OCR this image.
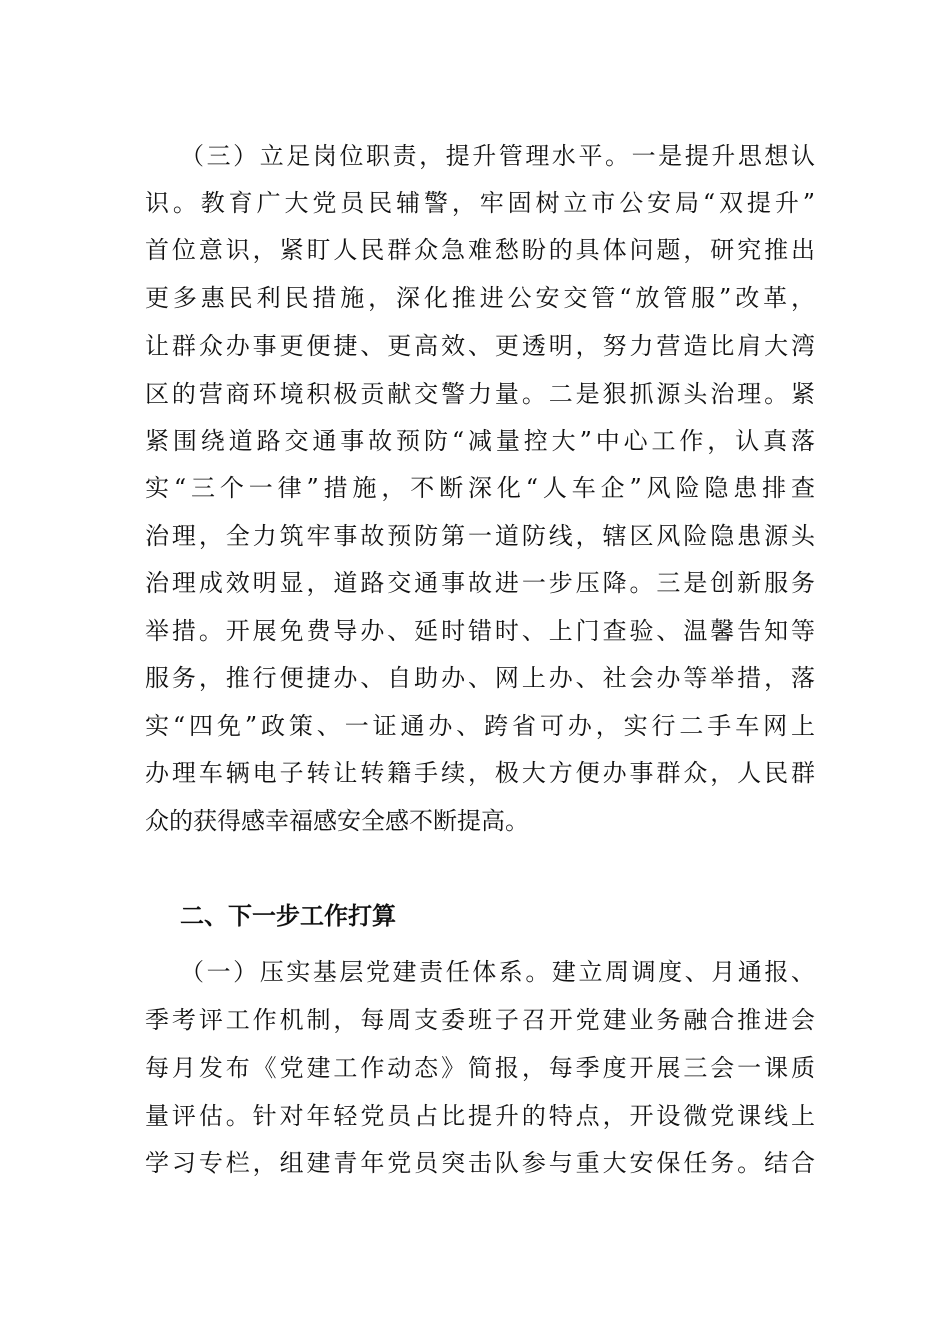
（三）立足岗位职责，提升管理水平。一是提升思想认
识。教育广大党员民辅警，牢固树立市公安局“双提升”
首位意识，紧盯人民群众急难愁盼的具体问题，研究推出
更多惠民利民措施，深化推进公安交管“放管服”改革，
让群众办事更便捷、更高效、更透明，努力营造比肩大湾
区的营商环境积极贡献交警力量。二是狠抓源头治理。紧
紧围绕道路交通事故预防“减量控大”中心工作，认真落
实“三个一律”措施，不断深化“人车企”风险隐患排查
治理，全力筑牢事故预防第一道防线，辖区风险隐患源头
治理成效明显，道路交通事故进一步压降。三是创新服务
举措。开展免费导办、延时错时、上门查验、温馨告知等
服务，推行便捷办、自助办、网上办、社会办等举措，落
实“四免”政策、一证通办、跨省可办，实行二手车网上
办理车辆电子转让转籍手续，极大方便办事群众，人民群
众的获得感幸福感安全感不断提高。
二、下一步工作打算
（一）压实基层党建责任体系。建立周调度、月通报、
季考评工作机制，每周支委班子召开党建业务融合推进会
每月发布《党建工作动态》简报，每季度开展三会一课质
量评估。针对年轻党员占比提升的特点，开设微党课线上
学习专栏，组建青年党员突击队参与重大安保任务。结合
